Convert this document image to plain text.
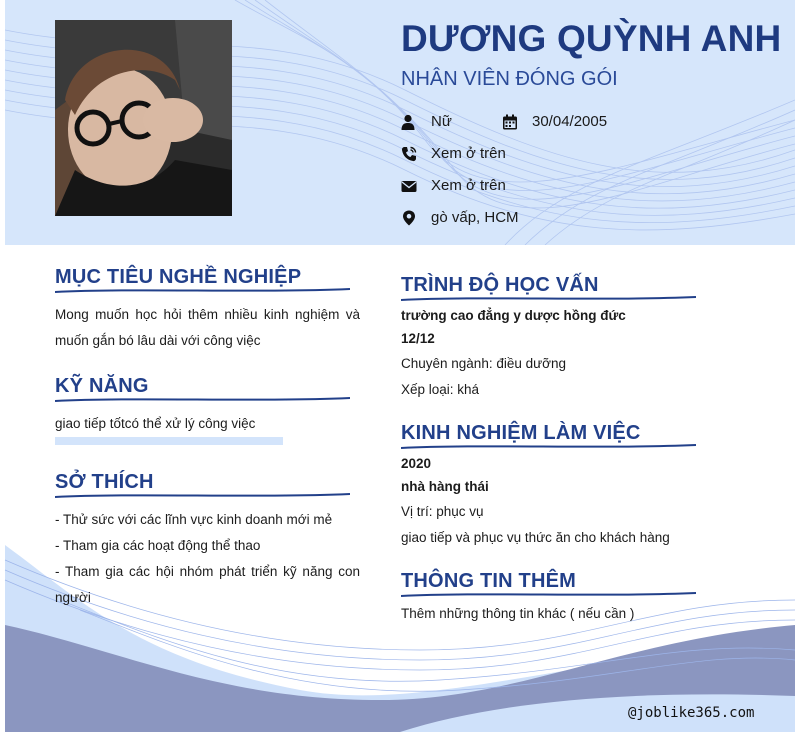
DƯƠNG QUỲNH ANH
NHÂN VIÊN ĐÓNG GÓI
Nữ	30/04/2005
Xem ở trên
Xem ở trên
gò vấp, HCM
MỤC TIÊU NGHỀ NGHIỆP
Mong muốn học hỏi thêm nhiều kinh nghiệm và muốn gắn bó lâu dài với công việc
KỸ NĂNG
giao tiếp tốtcó thể xử lý công việc
SỞ THÍCH
- Thử sức với các lĩnh vực kinh doanh mới mẻ
- Tham gia các hoạt động thể thao
- Tham gia các hội nhóm phát triển kỹ năng con người
TRÌNH ĐỘ HỌC VẤN
trường cao đẳng y dược hồng đức
12/12
Chuyên ngành: điều dưỡng
Xếp loại: khá
KINH NGHIỆM LÀM VIỆC
2020
nhà hàng thái
Vị trí: phục vụ
giao tiếp và phục vụ thức ăn cho khách hàng
THÔNG TIN THÊM
Thêm những thông tin khác ( nếu cần )
@joblike365.com
